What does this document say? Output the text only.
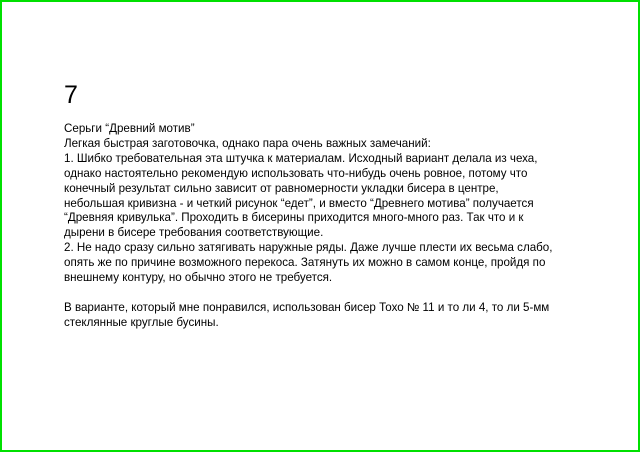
7
Серьги “Древний мотив”
Легкая быстрая заготовочка, однако пара очень важных замечаний:
1. Шибко требовательная эта штучка к материалам. Исходный вариант делала из чеха,
однако настоятельно рекомендую использовать что-нибудь очень ровное, потому что
конечный результат сильно зависит от равномерности укладки бисера в центре,
небольшая кривизна - и четкий рисунок “едет”, и вместо “Древнего мотива” получается
“Древняя кривулька”. Проходить в бисерины приходится много-много раз. Так что и к
дырени в бисере требования соответствующие.
2. Не надо сразу сильно затягивать наружные ряды. Даже лучше плести их весьма слабо,
опять же по причине возможного перекоса. Затянуть их можно в самом конце, пройдя по
внешнему контуру, но обычно этого не требуется.
В варианте, который мне понравился, использован бисер Тохо № 11 и то ли 4, то ли 5-мм
стеклянные круглые бусины.
